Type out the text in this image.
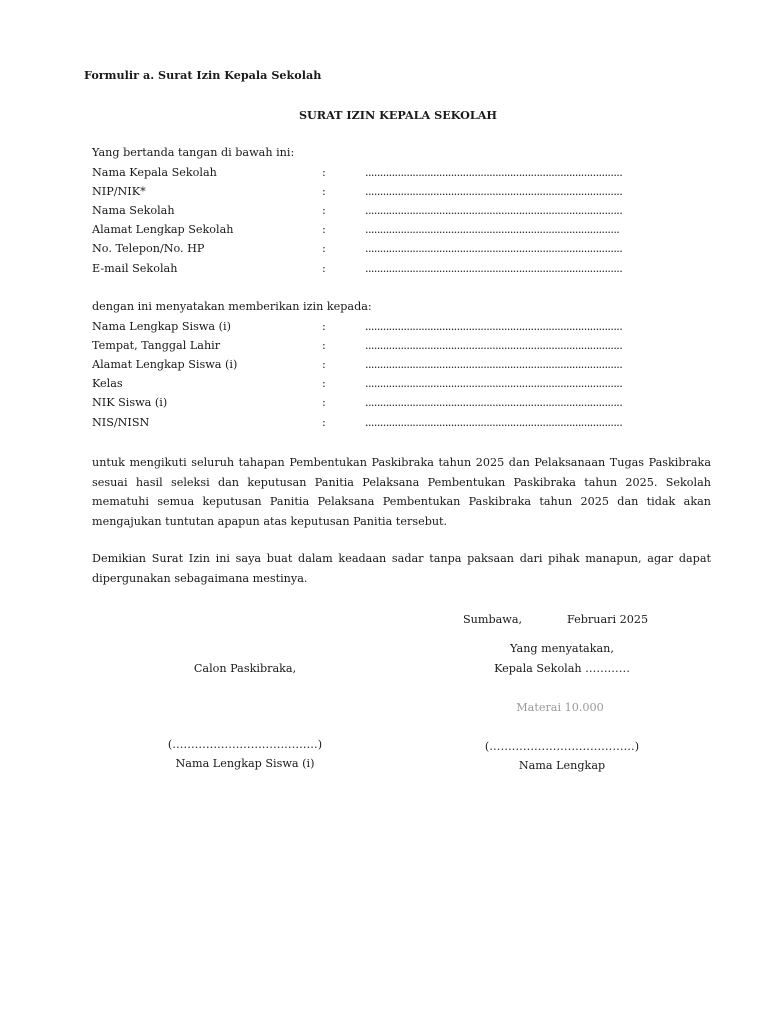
Formulir a. Surat Izin Kepala Sekolah
SURAT IZIN KEPALA SEKOLAH
Yang bertanda tangan di bawah ini:
Nama Kepala Sekolah	:	.......................................................................................
NIP/NIK*	:	.......................................................................................
Nama Sekolah	:	.......................................................................................
Alamat Lengkap Sekolah	:	......................................................................................
No. Telepon/No. HP	:	.......................................................................................
E-mail Sekolah	:	.......................................................................................
dengan ini menyatakan memberikan izin kepada:
Nama Lengkap Siswa (i)	:	.......................................................................................
Tempat, Tanggal Lahir	:	.......................................................................................
Alamat Lengkap Siswa (i)	:	.......................................................................................
Kelas	:	.......................................................................................
NIK Siswa (i)	:	.......................................................................................
NIS/NISN	:	.......................................................................................
untuk mengikuti seluruh tahapan Pembentukan Paskibraka tahun 2025 dan Pelaksanaan Tugas Paskibraka sesuai hasil seleksi dan keputusan Panitia Pelaksana Pembentukan Paskibraka tahun 2025. Sekolah mematuhi semua keputusan Panitia Pelaksana Pembentukan Paskibraka tahun 2025 dan tidak akan mengajukan tuntutan apapun atas keputusan Panitia tersebut.
Demikian Surat Izin ini saya buat dalam keadaan sadar tanpa paksaan dari pihak manapun, agar dapat dipergunakan sebagaimana mestinya.
Sumbawa,	Februari 2025
Yang menyatakan,
Kepala Sekolah …………
Calon Paskibraka,
Materai 10.000
(…………………………………)	(…………………………………)
Nama Lengkap Siswa (i)	Nama Lengkap
